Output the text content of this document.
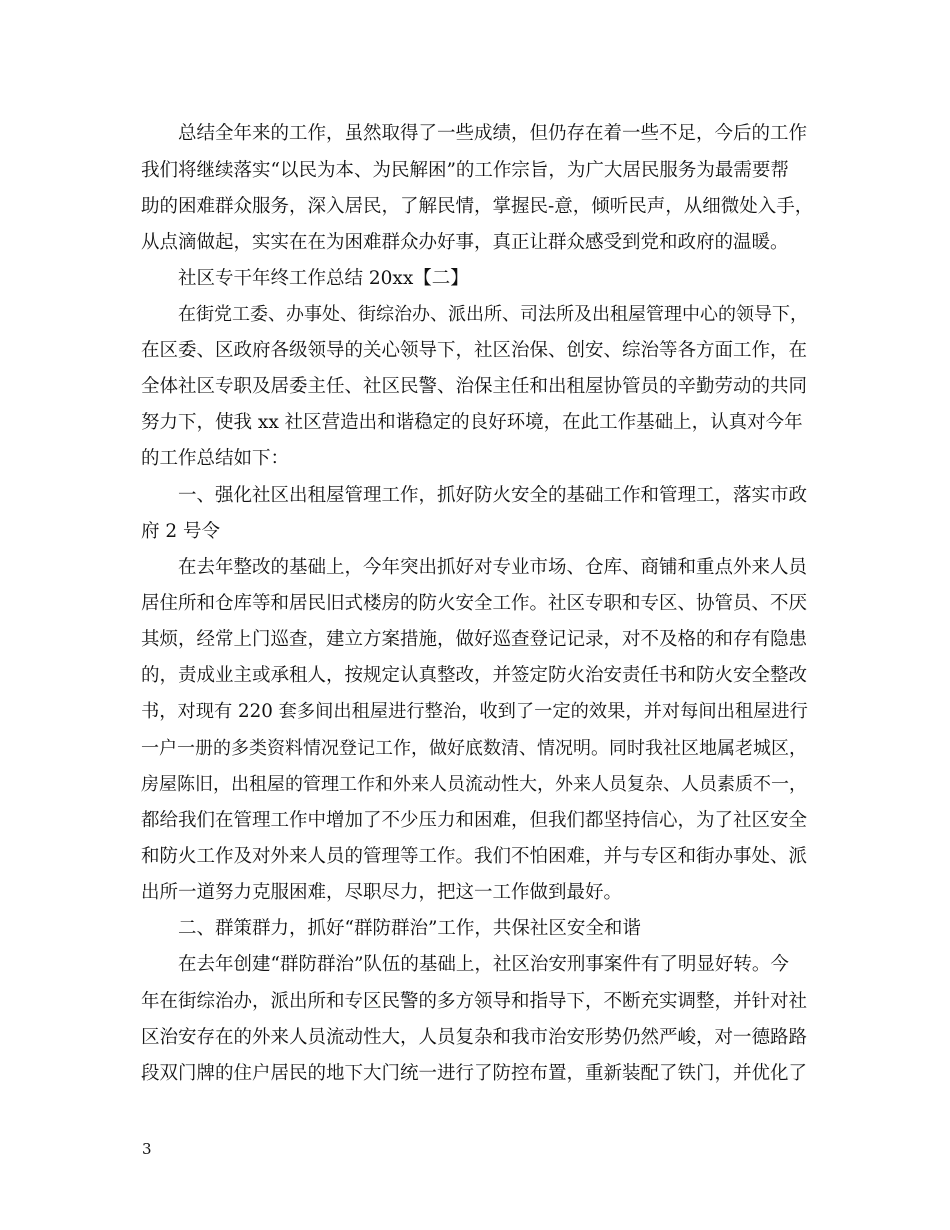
总结全年来的工作，虽然取得了一些成绩，但仍存在着一些不足，今后的工作
我们将继续落实“以民为本、为民解困”的工作宗旨，为广大居民服务为最需要帮
助的困难群众服务，深入居民，了解民情，掌握民-意，倾听民声，从细微处入手，
从点滴做起，实实在在为困难群众办好事，真正让群众感受到党和政府的温暖。
社区专干年终工作总结 20xx【二】
在街党工委、办事处、街综治办、派出所、司法所及出租屋管理中心的领导下，
在区委、区政府各级领导的关心领导下，社区治保、创安、综治等各方面工作，在
全体社区专职及居委主任、社区民警、治保主任和出租屋协管员的辛勤劳动的共同
努力下，使我 xx 社区营造出和谐稳定的良好环境，在此工作基础上，认真对今年
的工作总结如下：
一、强化社区出租屋管理工作，抓好防火安全的基础工作和管理工，落实市政
府 2 号令
在去年整改的基础上，今年突出抓好对专业市场、仓库、商铺和重点外来人员
居住所和仓库等和居民旧式楼房的防火安全工作。社区专职和专区、协管员、不厌
其烦，经常上门巡查，建立方案措施，做好巡查登记记录，对不及格的和存有隐患
的，责成业主或承租人，按规定认真整改，并签定防火治安责任书和防火安全整改
书，对现有 220 套多间出租屋进行整治，收到了一定的效果，并对每间出租屋进行
一户一册的多类资料情况登记工作，做好底数清、情况明。同时我社区地属老城区，
房屋陈旧，出租屋的管理工作和外来人员流动性大，外来人员复杂、人员素质不一，
都给我们在管理工作中增加了不少压力和困难，但我们都坚持信心，为了社区安全
和防火工作及对外来人员的管理等工作。我们不怕困难，并与专区和街办事处、派
出所一道努力克服困难，尽职尽力，把这一工作做到最好。
二、群策群力，抓好“群防群治”工作，共保社区安全和谐
在去年创建“群防群治”队伍的基础上，社区治安刑事案件有了明显好转。今
年在街综治办，派出所和专区民警的多方领导和指导下，不断充实调整，并针对社
区治安存在的外来人员流动性大，人员复杂和我市治安形势仍然严峻，对一德路路
段双门牌的住户居民的地下大门统一进行了防控布置，重新装配了铁门，并优化了
3
